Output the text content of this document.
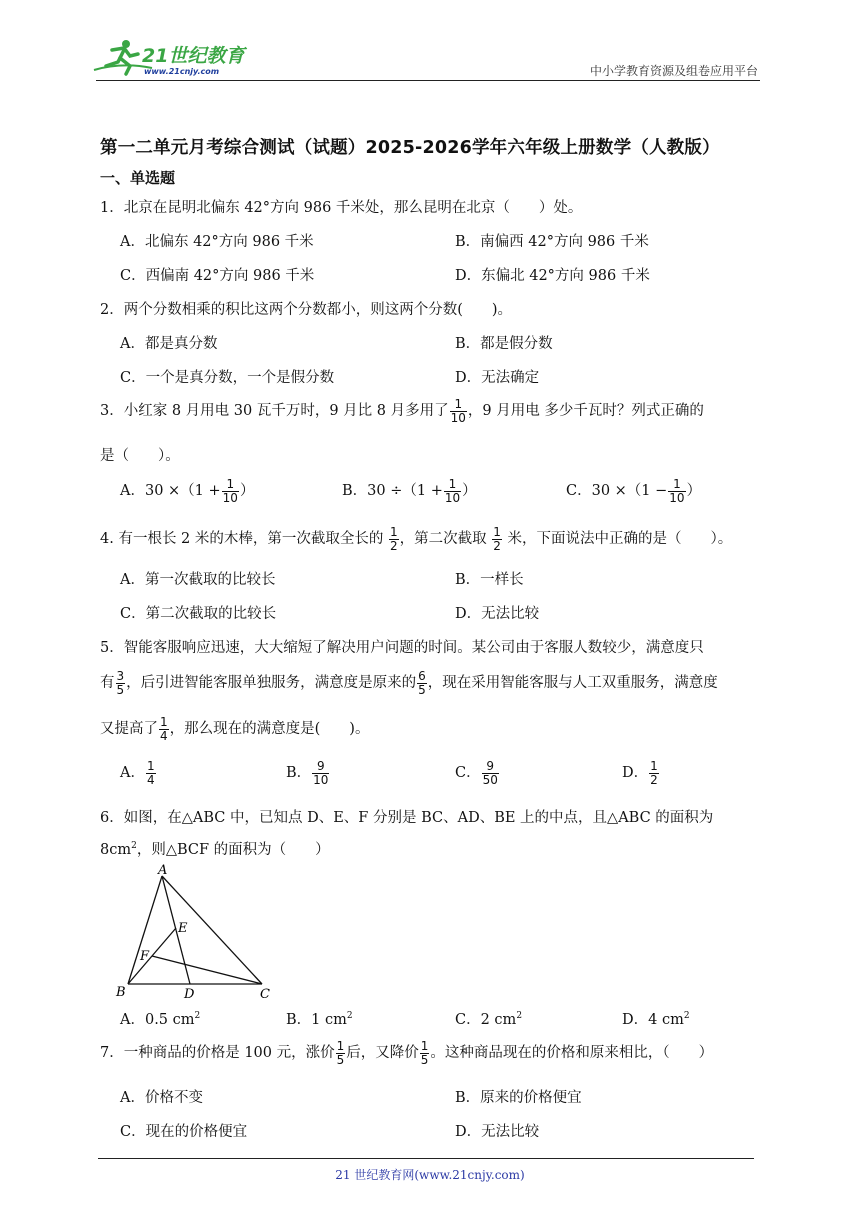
21世纪教育
www.21cnjy.com	中小学教育资源及组卷应用平台
第一二单元月考综合测试（试题）2025-2026学年六年级上册数学（人教版）
一、单选题
1．北京在昆明北偏东 42°方向 986 千米处，那么昆明在北京（　　）处。
A．北偏东 42°方向 986 千米	B．南偏西 42°方向 986 千米
C．西偏南 42°方向 986 千米	D．东偏北 42°方向 986 千米
2．两个分数相乘的积比这两个分数都小，则这两个分数(　　)。
A．都是真分数	B．都是假分数
C．一个是真分数，一个是假分数	D．无法确定
3．小红家 8 月用电 30 瓦千万时，9 月比 8 月多用了 $\frac{1}{10}$ ，9 月用电 多少千瓦时？列式正确的
是（　　）。
A．$30 \times(1 + \frac{1}{10}$ ）	B．$30 \div(1 + \frac{1}{10}$ ）	C．$30 \times(1 - \frac{1}{10}$ ）
4. 有一根长 2 米的木棒，第一次截取全长的 $\frac{1}{2}$ ，第二次截取 $\frac{1}{2}$ 米，下面说法中正确的是（　　）。
A．第一次截取的比较长	B．一样长
C．第二次截取的比较长	D．无法比较
5．智能客服响应迅速，大大缩短了解决用户问题的时间。某公司由于客服人数较少，满意度只
有 $\frac{3}{5}$ ，后引进智能客服单独服务，满意度是原来的 $\frac{6}{5}$ ，现在采用智能客服与人工双重服务，满意度
又提高了 $\frac{1}{4}$ ，那么现在的满意度是(　　)。
A． $\frac{1}{4}$	B． $\frac{9}{10}$	C． $\frac{9}{50}$	D． $\frac{1}{2}$
6．如图，在△ABC 中，已知点 D、E、F 分别是 BC、AD、BE 上的中点，且△ABC 的面积为
$8cm^2$，则△BCF 的面积为（　　）
A
B	C
D
E
F
A．0.5 $cm^2$	B．1 $cm^2$	C．2 $cm^2$	D．4 $cm^2$
7．一种商品的价格是 100 元，涨价 $\frac{1}{5}$ 后，又降价 $\frac{1}{5}$ 。这种商品现在的价格和原来相比，（　　）
A．价格不变	B．原来的价格便宜
C．现在的价格便宜	D．无法比较
21 世纪教育网(www.21cnjy.com)
